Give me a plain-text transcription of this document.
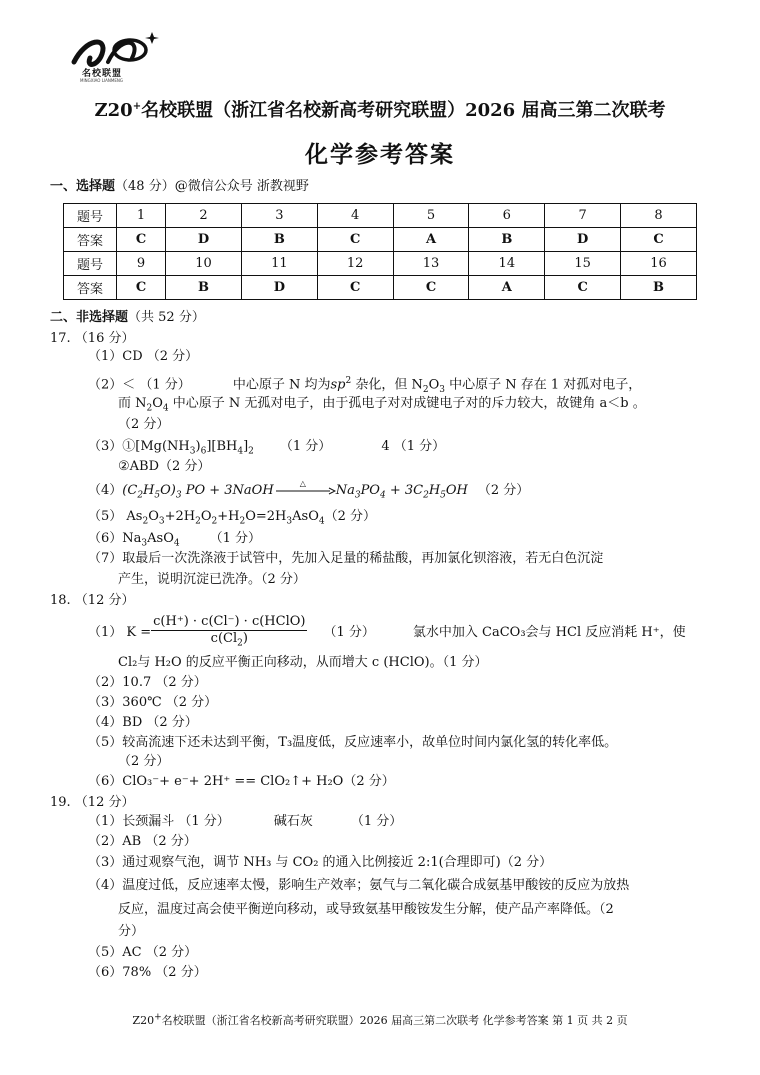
名校联盟
MINGXIAO LIANMENG
Z20+名校联盟（浙江省名校新高考研究联盟）2026 届高三第二次联考
化学参考答案
一、选择题（48 分）@微信公众号 浙教视野
题号	1	2	3	4	5	6	7	8
答案	C	D	B	C	A	B	D	C
题号	9	10	11	12	13	14	15	16
答案	C	B	D	C	C	A	C	B
二、非选择题（共 52 分）
17. （16 分）
（1）CD （2 分）
（2）＜ （1 分）	中心原子 N 均为$sp^2$ 杂化，但 $N_2O_3$ 中心原子 N 存在 1 对孤对电子，
而 $N_2O_4$ 中心原子 N 无孤对电子，由于孤电子对对成键电子对的斥力较大，故键角 a＜b 。
（2 分）
$(3)①[Mg(NH_3)_6][BH_4]_2$ （1 分）	4 （1 分）
②ABD（2 分）
$(4)(C_2H_5O)_3$ PO + 3NaOH	△ $Na_3PO_4 + 3C_2H_5OH$ （2 分）
（5） $As_2O_3+2H_2O_2+H_2O=2H_3AsO_4(2$ 分）
$(6)Na_3AsO_4$ （1 分）
（7）取最后一次洗涤液于试管中，先加入足量的稀盐酸，再加氯化钡溶液，若无白色沉淀
产生，说明沉淀已洗净。（2 分）
18. （12 分）
（1） $K = \frac{\text{c(H⁺) · c(Cl⁻) · c(HClO)}}{c(Cl_2)} (1$ 分）	氯水中加入 CaCO₃会与 HCl 反应消耗 H⁺，使
Cl₂与 H₂O 的反应平衡正向移动，从而增大 c (HClO)。（1 分）
（2）10.7 （2 分）
（3）360℃ （2 分）
（4）BD （2 分）
（5）较高流速下还未达到平衡，T₃温度低，反应速率小，故单位时间内氯化氢的转化率低。
（2 分）
（6）ClO₃⁻+ e⁻+ 2H⁺ == ClO₂↑+ H₂O（2 分）
19. （12 分）
（1）长颈漏斗 （1 分）	碱石灰	（1 分）
（2）AB （2 分）
（3）通过观察气泡，调节 NH₃ 与 CO₂ 的通入比例接近 2:1(合理即可)（2 分）
（4）温度过低，反应速率太慢，影响生产效率；氨气与二氧化碳合成氨基甲酸铵的反应为放热
反应，温度过高会使平衡逆向移动，或导致氨基甲酸铵发生分解，使产品产率降低。（2
分）
（5）AC （2 分）
（6）78% （2 分）
Z20+名校联盟（浙江省名校新高考研究联盟）2026 届高三第二次联考 化学参考答案 第 1 页 共 2 页
